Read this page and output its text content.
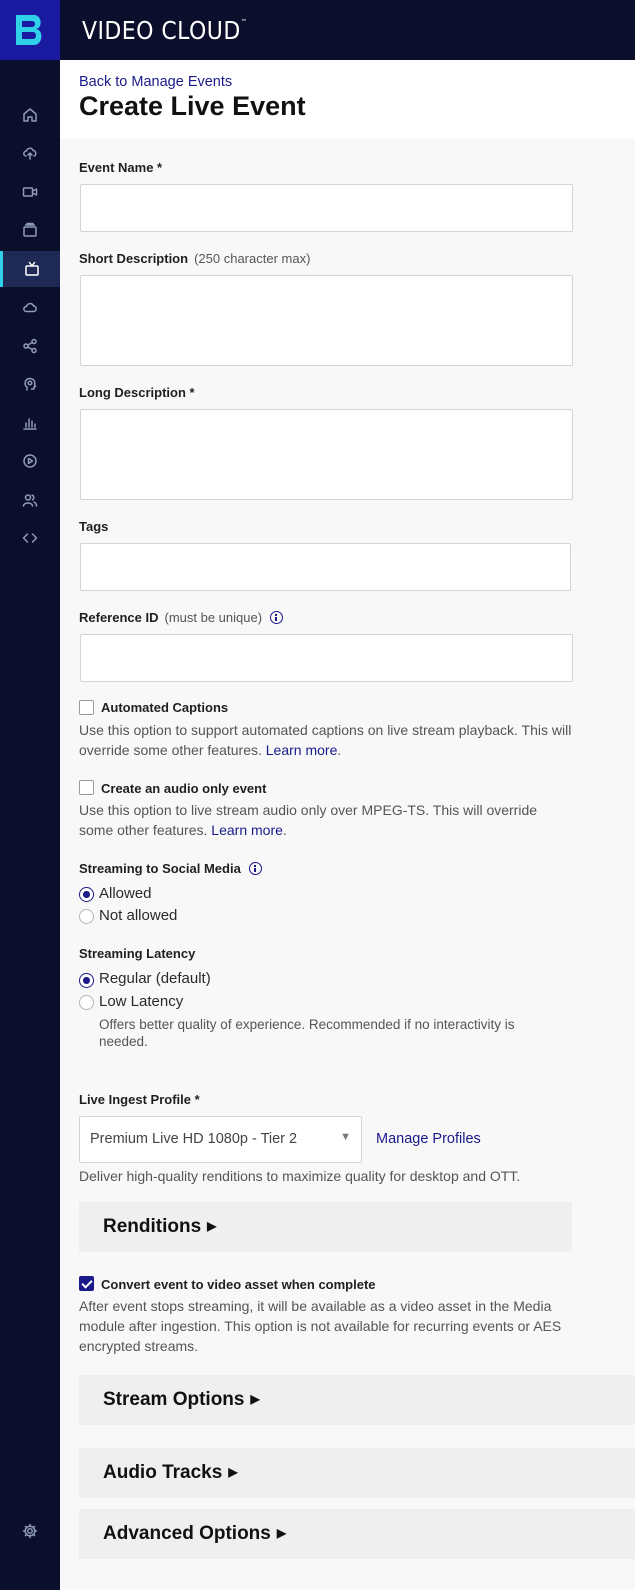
VIDEO CLOUD™
Back to Manage Events
Create Live Event
Event Name *
Short Description (250 character max)
Long Description *
Tags
Reference ID (must be unique)
Automated Captions
Use this option to support automated captions on live stream playback. This will override some other features. Learn more.
Create an audio only event
Use this option to live stream audio only over MPEG-TS. This will override some other features. Learn more.
Streaming to Social Media
Allowed
Not allowed
Streaming Latency
Regular (default)
Low Latency
Offers better quality of experience. Recommended if no interactivity is needed.
Live Ingest Profile *
Premium Live HD 1080p - Tier 2	▼ Manage Profiles
Deliver high-quality renditions to maximize quality for desktop and OTT.
Renditions ▶
Convert event to video asset when complete
After event stops streaming, it will be available as a video asset in the Media module after ingestion. This option is not available for recurring events or AES encrypted streams.
Stream Options ▶
Audio Tracks ▶
Advanced Options ▶
